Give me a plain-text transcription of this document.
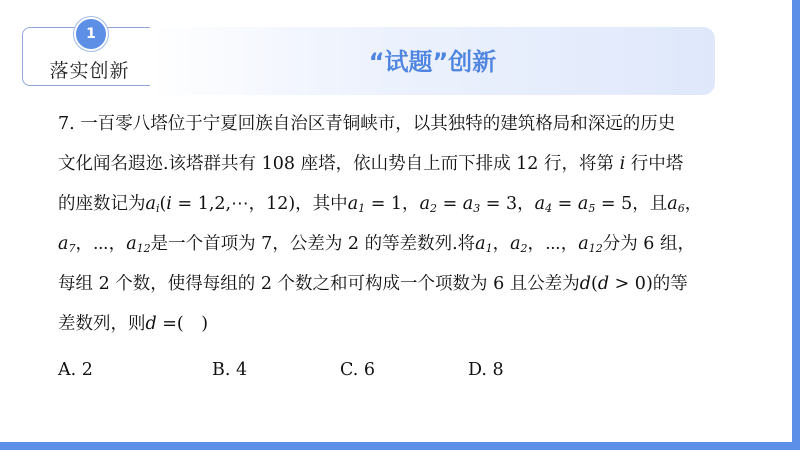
1
落实创新	“试题”创新
7. 一百零八塔位于宁夏回族自治区青铜峡市，以其独特的建筑格局和深远的历史
文化闻名遐迩.该塔群共有 108 座塔，依山势自上而下排成 12 行，将第 i 行中塔
的座数记为$a_i(i$ = 1,2,⋯，12)，其中$a_1 = 1$，$a_2 = a_3 = 3$，$a_4 = a_5 = 5$，且$a_6$，
$a_7$，⋯，$a_{12}$是一个首项为 7，公差为 2 的等差数列.将$a_1$，$a_2$，⋯，$a_{12}$分为 6 组，
每组 2 个数，使得每组的 2 个数之和可构成一个项数为 6 且公差为d(d > 0)的等
差数列，则d =(　)
A. 2	B. 4	C. 6	D. 8
